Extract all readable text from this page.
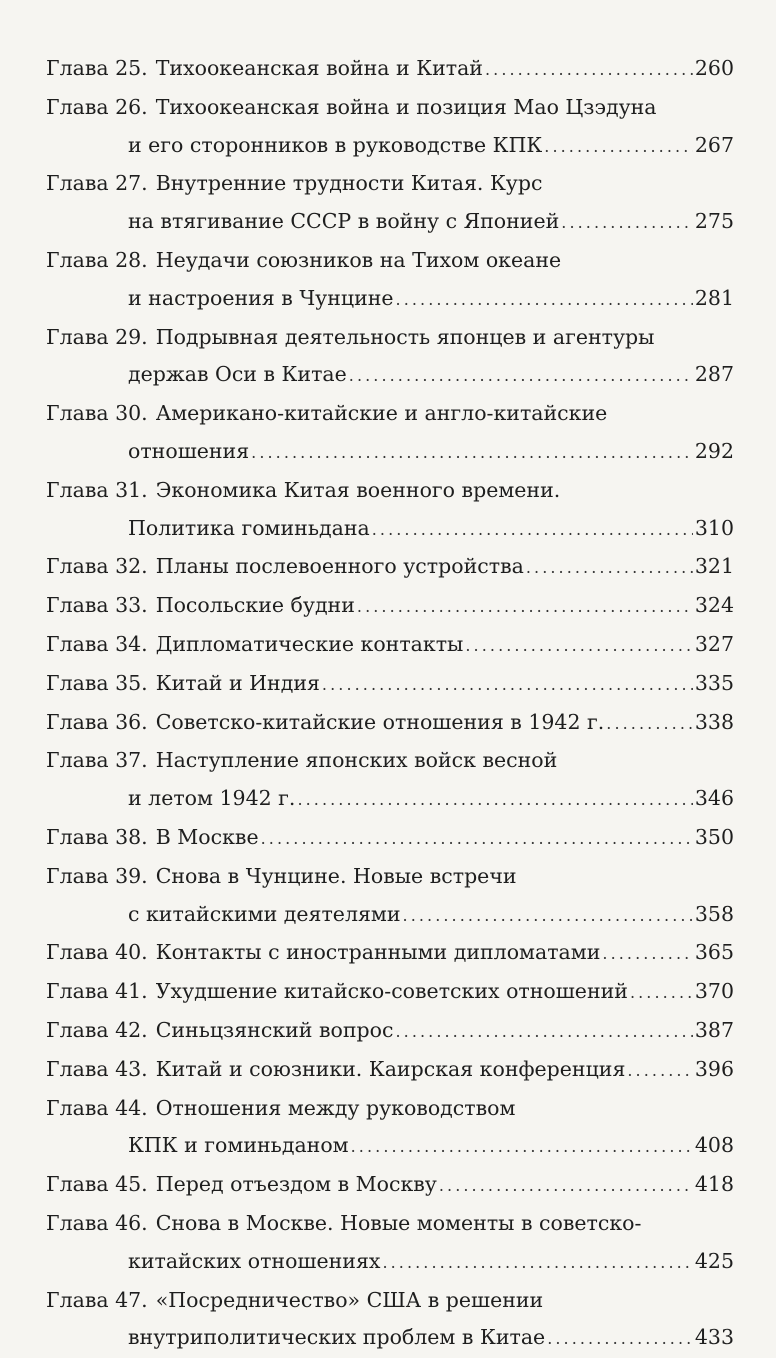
Глава 25. Тихоокеанская война и Китай . . .	260
Глава 26. Тихоокеанская война и позиция Мао Цзэдуна
и его сторонников в руководстве КПК . . .	267
Глава 27. Внутренние трудности Китая. Курс
на втягивание СССР в войну с Японией . . .	275
Глава 28. Неудачи союзников на Тихом океане
и настроения в Чунцине . . .	281
Глава 29. Подрывная деятельность японцев и агентуры
держав Оси в Китае . . .	287
Глава 30. Американо-китайские и англо-китайские
отношения . . .	292
Глава 31. Экономика Китая военного времени.
Политика гоминьдана . . .	310
Глава 32. Планы послевоенного устройства . . .	321
Глава 33. Посольские будни . . .	324
Глава 34. Дипломатические контакты . . .	327
Глава 35. Китай и Индия . . .	335
Глава 36. Советско-китайские отношения в 1942 г. . . .	338
Глава 37. Наступление японских войск весной
и летом 1942 г. . . .	346
Глава 38. В Москве . . .	350
Глава 39. Снова в Чунцине. Новые встречи
с китайскими деятелями . . .	358
Глава 40. Контакты с иностранными дипломатами . . .	365
Глава 41. Ухудшение китайско-советских отношений . . .	370
Глава 42. Синьцзянский вопрос . . .	387
Глава 43. Китай и союзники. Каирская конференция . . .	396
Глава 44. Отношения между руководством
КПК и гоминьданом . . .	408
Глава 45. Перед отъездом в Москву . . .	418
Глава 46. Снова в Москве. Новые моменты в советско-
китайских отношениях . . .	425
Глава 47. «Посредничество» США в решении
внутриполитических проблем в Китае . . .	433
